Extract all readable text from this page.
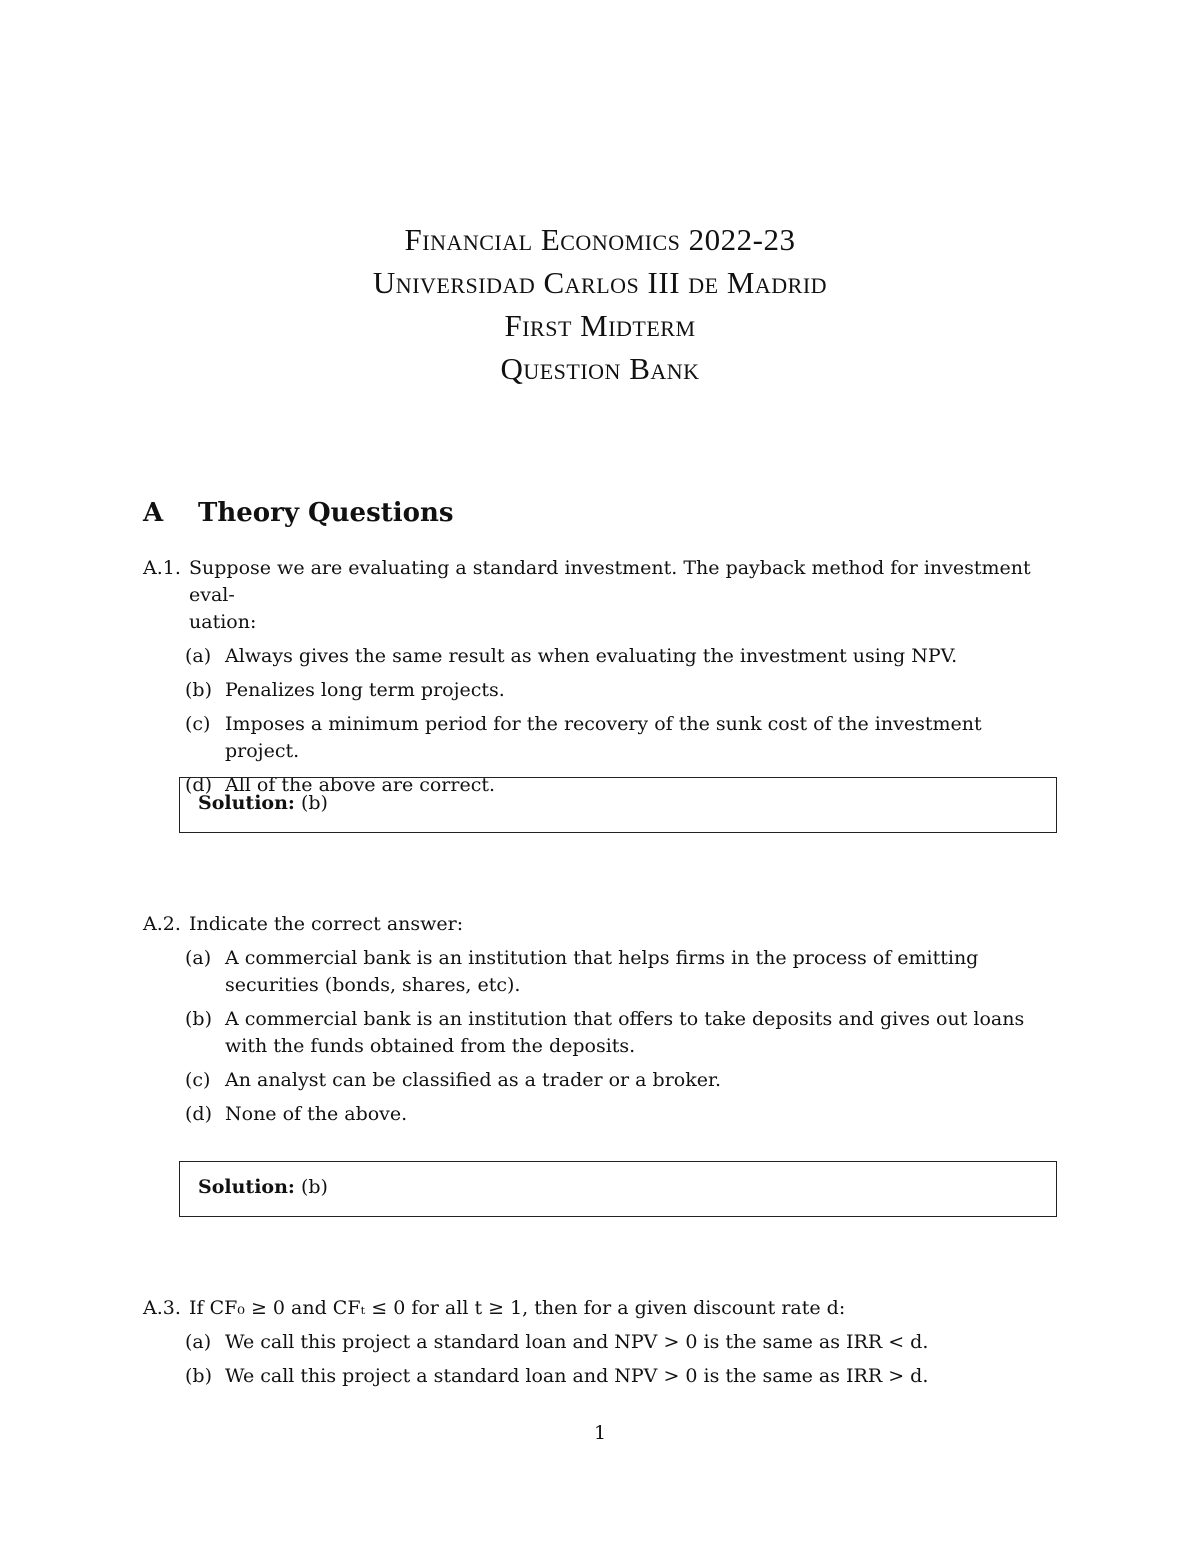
Financial Economics 2022-23
Universidad Carlos III de Madrid
First Midterm
Question Bank
A Theory Questions
A.1. Suppose we are evaluating a standard investment. The payback method for investment eval-
uation:
(a) Always gives the same result as when evaluating the investment using NPV.
(b) Penalizes long term projects.
(c) Imposes a minimum period for the recovery of the sunk cost of the investment project.
(d) All of the above are correct.
Solution: (b)
A.2. Indicate the correct answer:
(a) A commercial bank is an institution that helps firms in the process of emitting securities (bonds, shares, etc).
(b) A commercial bank is an institution that offers to take deposits and gives out loans with the funds obtained from the deposits.
(c) An analyst can be classified as a trader or a broker.
(d) None of the above.
Solution: (b)
A.3. If CF₀ ≥ 0 and CFₜ ≤ 0 for all t ≥ 1, then for a given discount rate d:
(a) We call this project a standard loan and NPV > 0 is the same as IRR < d.
(b) We call this project a standard loan and NPV > 0 is the same as IRR > d.
1
